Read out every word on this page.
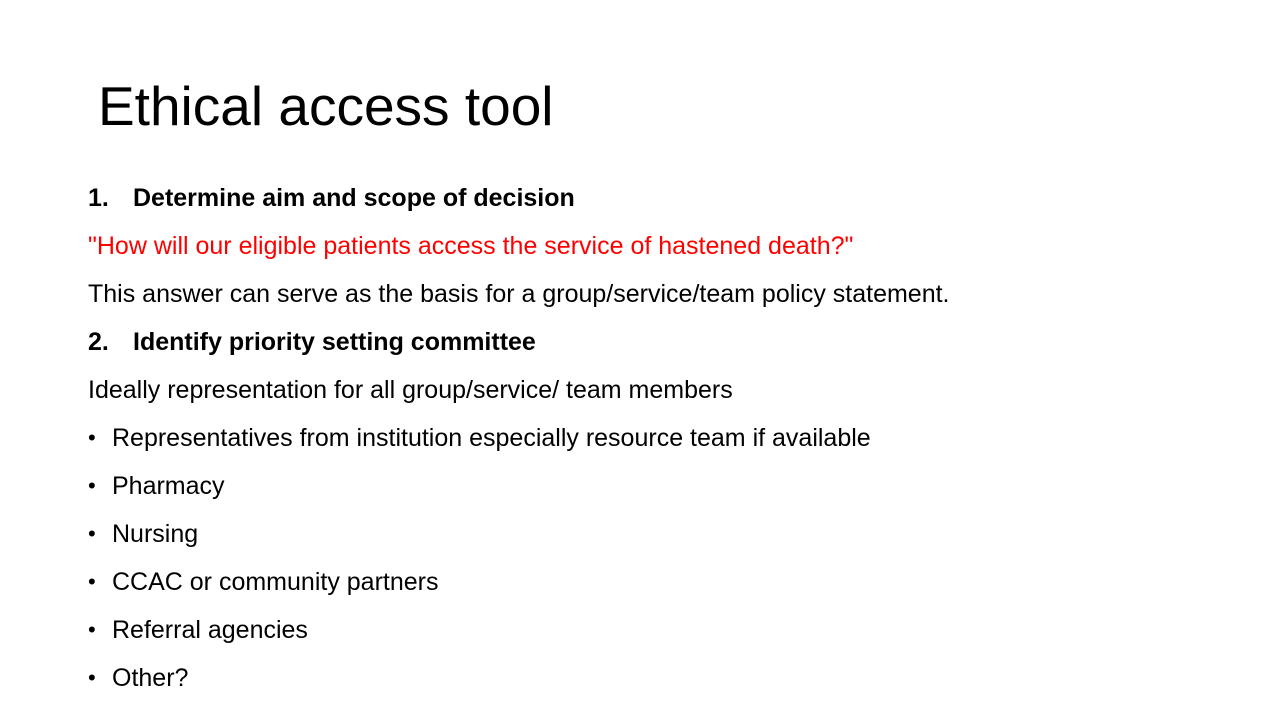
Ethical access tool
1. Determine aim and scope of decision
"How will our eligible patients access the service of hastened death?"
This answer can serve as the basis for a group/service/team policy statement.
2. Identify priority setting committee
Ideally representation for all group/service/ team members
• Representatives from institution especially resource team if available
• Pharmacy
• Nursing
• CCAC or community partners
• Referral agencies
• Other?
